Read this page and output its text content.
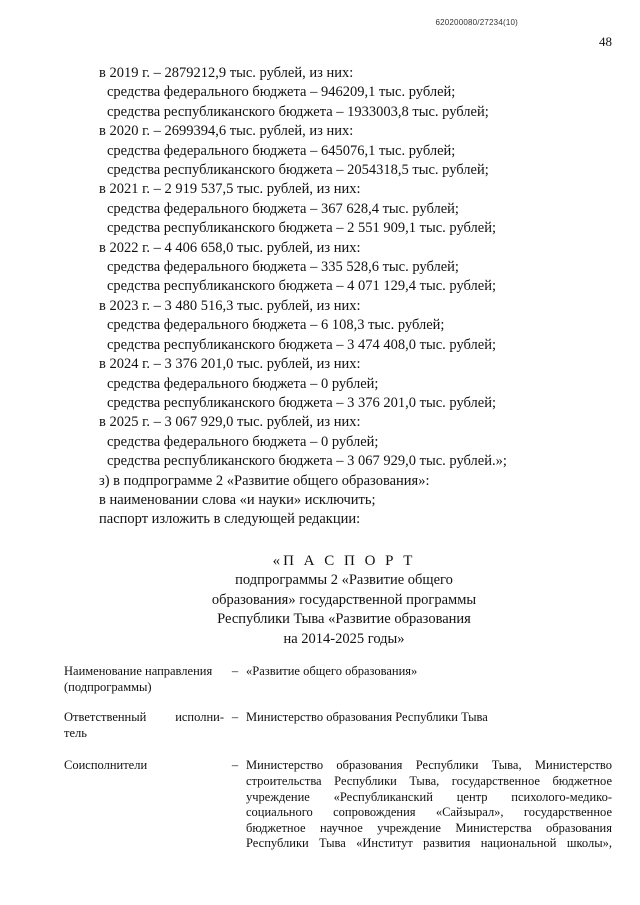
620200080/27234(10)
48
в 2019 г. – 2879212,9 тыс. рублей, из них:
средства федерального бюджета – 946209,1 тыс. рублей;
средства республиканского бюджета – 1933003,8 тыс. рублей;
в 2020 г. – 2699394,6 тыс. рублей, из них:
средства федерального бюджета – 645076,1 тыс. рублей;
средства республиканского бюджета – 2054318,5 тыс. рублей;
в 2021 г. – 2 919 537,5 тыс. рублей, из них:
средства федерального бюджета – 367 628,4 тыс. рублей;
средства республиканского бюджета – 2 551 909,1 тыс. рублей;
в 2022 г. – 4 406 658,0 тыс. рублей, из них:
средства федерального бюджета – 335 528,6 тыс. рублей;
средства республиканского бюджета – 4 071 129,4 тыс. рублей;
в 2023 г. – 3 480 516,3 тыс. рублей, из них:
средства федерального бюджета – 6 108,3 тыс. рублей;
средства республиканского бюджета – 3 474 408,0 тыс. рублей;
в 2024 г. – 3 376 201,0 тыс. рублей, из них:
средства федерального бюджета – 0 рублей;
средства республиканского бюджета – 3 376 201,0 тыс. рублей;
в 2025 г. – 3 067 929,0 тыс. рублей, из них:
средства федерального бюджета – 0 рублей;
средства республиканского бюджета – 3 067 929,0 тыс. рублей.»;
з) в подпрограмме 2 «Развитие общего образования»:
в наименовании слова «и науки» исключить;
паспорт изложить в следующей редакции:
«П А С П О Р Т
подпрограммы 2 «Развитие общего
образования» государственной программы
Республики Тыва «Развитие образования
на 2014-2025 годы»
Наименование направления
(подпрограммы)
– «Развитие общего образования»
Ответственный исполни-
тель
– Министерство образования Республики Тыва
Соисполнители	– Министерство образования Республики Тыва, Министерство
строительства Республики Тыва, государственное бюджетное
учреждение «Республиканский центр психолого-медико-
социального сопровождения «Сайзырал», государственное
бюджетное научное учреждение Министерства образования
Республики Тыва «Институт развития национальной школы»,
